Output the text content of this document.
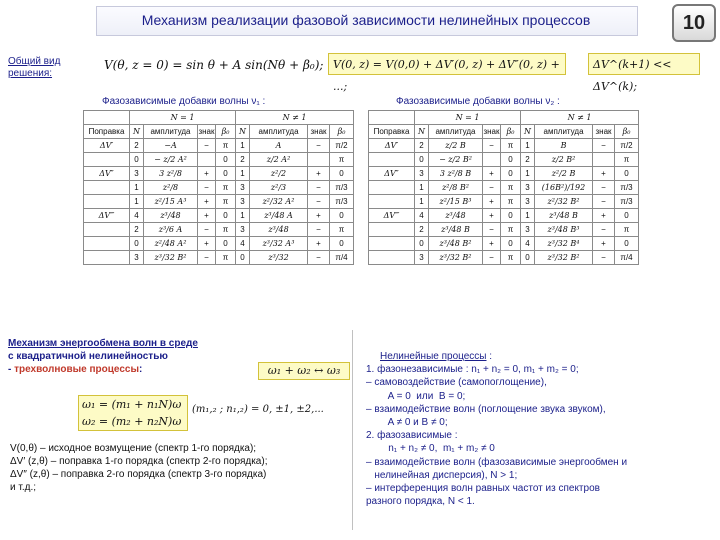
Механизм реализации фазовой зависимости нелинейных процессов	10
Общий вид решения:
V(θ, z = 0) = sin θ + A sin(Nθ + β₀); V(0, z) = V(0,0) + ΔV′(0, z) + ΔV″(0, z) + ...;
ΔV^(k+1) << ΔV^(k);
Фазозависимые добавки волны ν₁ :	Фазозависимые добавки волны ν₂ :
	N = 1				N ≠ 1			
Поправка	N	амплитуда	знак	β₀	N	амплитуда	знак	β₀
ΔV′	2	−A	−	π	1	A	−	π/2
	0	− z/2 A²		0	2	z/2 A²		π
ΔV″	3	3 z²/8	+	0	1	z²/2	+	0
	1	z²/8	−	π	3	z²/3	−	π/3
	1	z²/15 A³	+	π	3	z²/32 A²	−	π/3
ΔV‴	4	z³/48	+	0	1	z³/48 A	+	0
	2	z³/6 A	−	π	3	z³/48	−	π
	0	z²/48 A²	+	0	4	z³/32 A³	+	0
	3	z³/32 B²	−	π	0	z³/32	−	π/4
	N = 1				N ≠ 1			
Поправка	N	амплитуда	знак	β₀	N	амплитуда	знак	β₀
ΔV′	2	z/2 B	−	π	1	B	−	π/2
	0	− z/2 B²		0	2	z/2 B²		π
ΔV″	3	3 z²/8 B	+	0	1	z²/2 B	+	0
	1	z²/8 B²	−	π	3	(16B²)/192	−	π/3
	1	z²/15 B³	+	π	3	z²/32 B²	−	π/3
ΔV‴	4	z³/48	+	0	1	z³/48 B	+	0
	2	z³/48 B	−	π	3	z³/48 B³	−	π
	0	z³/48 B²	+	0	4	z³/32 B⁴	+	0
	3	z³/32 B²	−	π	0	z³/32 B²	−	π/4
Механизм энергообмена волн в среде
с квадратичной нелинейностью
- трехволновые процессы:	ω₁ + ω₂ ↔ ω₃
ω₁ = (m₁ + n₁N)ω
ω₂ = (m₂ + n₂N)ω
(m₁,₂ ; n₁,₂) = 0, ±1, ±2,...
V(0,θ) – исходное возмущение (спектр 1-го порядка);
ΔV′ (z,θ) – поправка 1-го порядка (спектр 2-го порядка);
ΔV″ (z,θ) – поправка 2-го порядка (спектр 3-го порядка)
и т.д.;
Нелинейные процессы :
1. фазонезависимые : n₁ + n₂ = 0, m₁ + m₂ = 0;
– самовоздействие (самопоглощение),
A = 0  или  B = 0;
– взаимодействие волн (поглощение звука звуком),
A ≠ 0 и B ≠ 0;
2. фазозависимые :
n₁ + n₂ ≠ 0,  m₁ + m₂ ≠ 0
– взаимодействие волн (фазозависимые энергообмен и
нелинейная дисперсия), N > 1;
– интерференция волн равных частот из спектров
разного порядка, N < 1.
